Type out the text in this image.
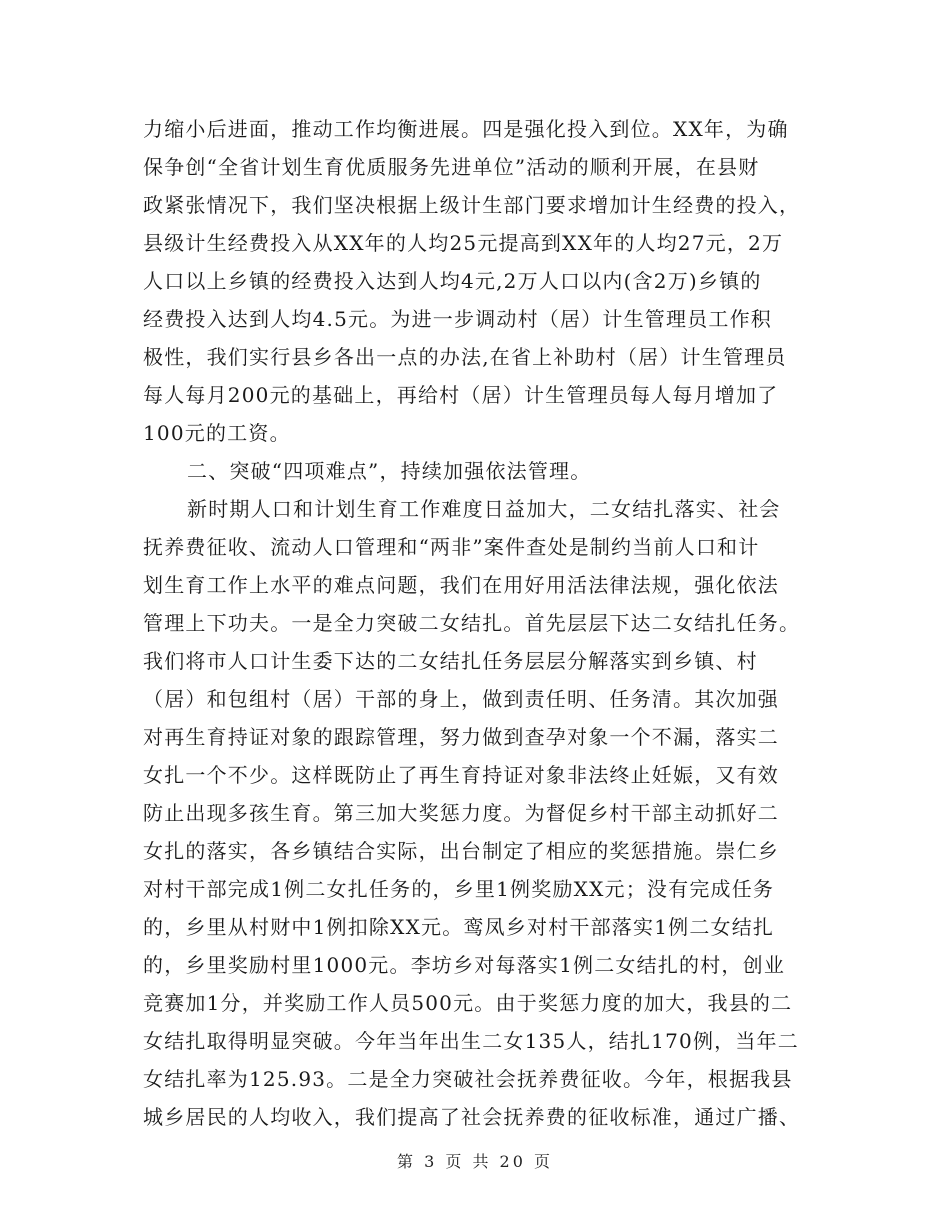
力缩小后进面，推动工作均衡进展。四是强化投入到位。XX年，为确
保争创“全省计划生育优质服务先进单位”活动的顺利开展，在县财
政紧张情况下，我们坚决根据上级计生部门要求增加计生经费的投入，
县级计生经费投入从XX年的人均25元提高到XX年的人均27元，2万
人口以上乡镇的经费投入达到人均4元,2万人口以内(含2万)乡镇的
经费投入达到人均4.5元。为进一步调动村（居）计生管理员工作积
极性，我们实行县乡各出一点的办法,在省上补助村（居）计生管理员
每人每月200元的基础上，再给村（居）计生管理员每人每月增加了
100元的工资。
二、突破“四项难点”，持续加强依法管理。
新时期人口和计划生育工作难度日益加大，二女结扎落实、社会
抚养费征收、流动人口管理和“两非”案件查处是制约当前人口和计
划生育工作上水平的难点问题，我们在用好用活法律法规，强化依法
管理上下功夫。一是全力突破二女结扎。首先层层下达二女结扎任务。
我们将市人口计生委下达的二女结扎任务层层分解落实到乡镇、村
（居）和包组村（居）干部的身上，做到责任明、任务清。其次加强
对再生育持证对象的跟踪管理，努力做到查孕对象一个不漏，落实二
女扎一个不少。这样既防止了再生育持证对象非法终止妊娠，又有效
防止出现多孩生育。第三加大奖惩力度。为督促乡村干部主动抓好二
女扎的落实，各乡镇结合实际，出台制定了相应的奖惩措施。崇仁乡
对村干部完成1例二女扎任务的，乡里1例奖励XX元；没有完成任务
的，乡里从村财中1例扣除XX元。鸾凤乡对村干部落实1例二女结扎
的，乡里奖励村里1000元。李坊乡对每落实1例二女结扎的村，创业
竞赛加1分，并奖励工作人员500元。由于奖惩力度的加大，我县的二
女结扎取得明显突破。今年当年出生二女135人，结扎170例，当年二
女结扎率为125.93。二是全力突破社会抚养费征收。今年，根据我县
城乡居民的人均收入，我们提高了社会抚养费的征收标准，通过广播、
第 3 页 共 20 页
